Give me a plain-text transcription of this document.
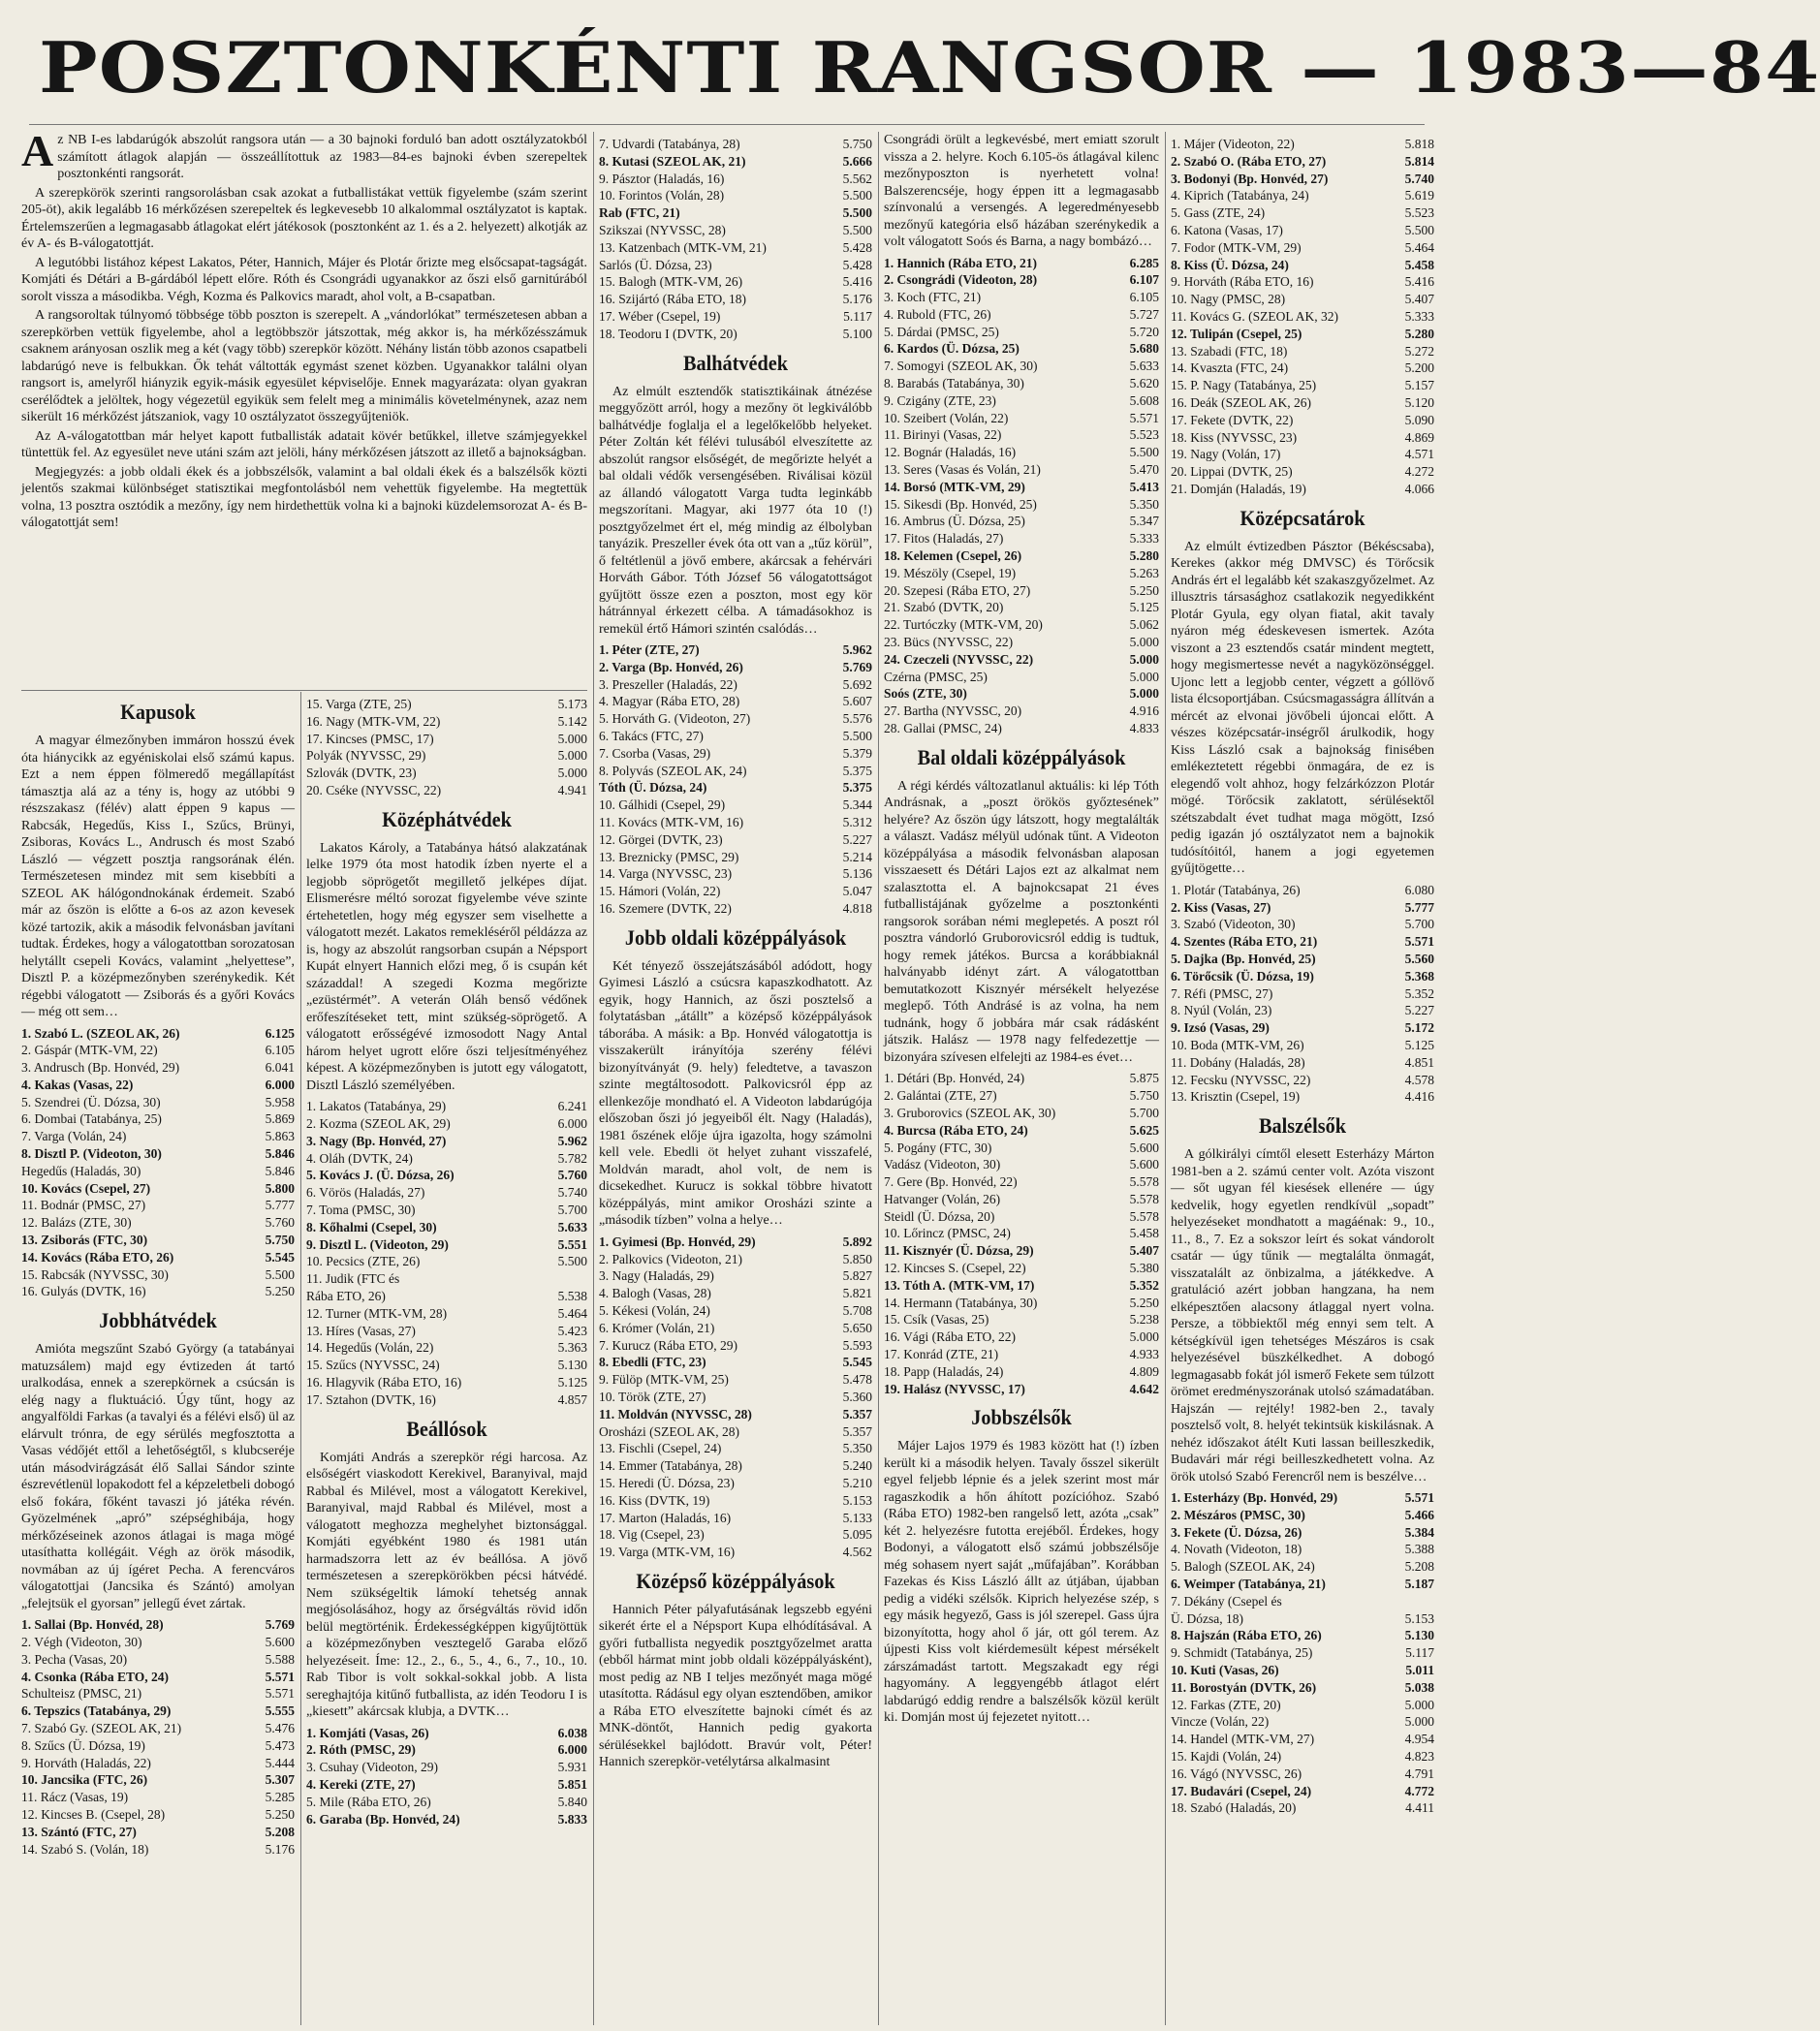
POSZTONKÉNTI RANGSOR — 1983—84

Az NB I-es labdarúgók abszolút rangsora után — a 30 bajnoki forduló ban adott osztályzatokból számított átlagok alapján — összeállítottuk az 1983—84-es bajnoki évben szerepeltek posztonkénti rangsorát.

A szerepkörök szerinti rangsorolásban csak azokat a futballistákat vettük figyelembe (szám szerint 205-öt), akik legalább 16 mérkőzésen szerepeltek és legkevesebb 10 alkalommal osztályzatot is kaptak. Értelemszerűen a legmagasabb átlagokat elért játékosok (posztonként az 1. és a 2. helyezett) alkotják az év A- és B-válogatottját.

A legutóbbi listához képest Lakatos, Péter, Hannich, Májer és Plotár őrizte meg elsőcsapat-tagságát. Komjáti és Détári a B-gárdából lépett előre. Róth és Csongrádi ugyanakkor az őszi első garnitúrából sorolt vissza a másodikba. Végh, Kozma és Palkovics maradt, ahol volt, a B-csapatban.

A rangsoroltak túlnyomó többsége több poszton is szerepelt. A „vándorlókat” természetesen abban a szerepkörben vettük figyelembe, ahol a legtöbbször játszottak, még akkor is, ha mérkőzésszámuk csaknem arányosan oszlik meg a két (vagy több) szerepkör között. Néhány listán több azonos csapatbeli labdarúgó neve is felbukkan. Ők tehát váltották egymást szenet közben. Ugyanakkor találni olyan rangsort is, amelyről hiányzik egyik-másik egyesület képviselője. Ennek magyarázata: olyan gyakran cserélődtek a jelöltek, hogy végezetül egyikük sem felelt meg a minimális követelménynek, azaz nem sikerült 16 mérkőzést játszaniok, vagy 10 osztályzatot összegyűjteniök.

Az A-válogatottban már helyet kapott futballisták adatait kövér betűkkel, illetve számjegyekkel tüntettük fel. Az egyesület neve utáni szám azt jelöli, hány mérkőzésen játszott az illető a bajnokságban.

Megjegyzés: a jobb oldali ékek és a jobbszélsők, valamint a bal oldali ékek és a balszélsők közti jelentős szakmai különbséget statisztikai megfontolásból nem vehettük figyelembe. Ha megtettük volna, 13 posztra osztódik a mezőny, így nem hirdethettük volna ki a bajnoki küzdelemsorozat A- és B-válogatottját sem!

Kapusok

A magyar élmezőnyben immáron hosszú évek óta hiánycikk az egyéniskolai első számú kapus. Ezt a nem éppen fölmeredő megállapítást támasztja alá az a tény is, hogy az utóbbi 9 részszakasz (félév) alatt éppen 9 kapus — Rabcsák, Hegedűs, Kiss I., Szűcs, Brünyi, Zsiboras, Kovács L., Andrusch és most Szabó László — végzett posztja rangsorának élén. Természetesen mindez mit sem kisebbíti a SZEOL AK hálógondnokának érdemeit. Szabó már az őszön is előtte a 6-os az azon kevesek közé tartozik, akik a második felvonásban javítani tudtak. Érdekes, hogy a válogatottban sorozatosan helytállt csepeli Kovács, valamint „helyettese”, Disztl P. a középmezőnyben szerénykedik. Két régebbi válogatott — Zsiborás és a győri Kovács — még ott sem…

1. Szabó L. (SZEOL AK, 26)	6.125
2. Gáspár (MTK-VM, 22)	6.105
3. Andrusch (Bp. Honvéd, 29)	6.041
4. Kakas (Vasas, 22)	6.000
5. Szendrei (Ü. Dózsa, 30)	5.958
6. Dombai (Tatabánya, 25)	5.869
7. Varga (Volán, 24)	5.863
8. Disztl P. (Videoton, 30)	5.846
Hegedűs (Haladás, 30)	5.846
10. Kovács (Csepel, 27)	5.800
11. Bodnár (PMSC, 27)	5.777
12. Balázs (ZTE, 30)	5.760
13. Zsiborás (FTC, 30)	5.750
14. Kovács (Rába ETO, 26)	5.545
15. Rabcsák (NYVSSC, 30)	5.500
16. Gulyás (DVTK, 16)	5.250
Jobbhátvédek

Amióta megszűnt Szabó György (a tatabányai matuzsálem) majd egy évtizeden át tartó uralkodása, ennek a szerepkörnek a csúcsán is elég nagy a fluktuáció. Úgy tűnt, hogy az angyalföldi Farkas (a tavalyi és a félévi első) ül az elárvult trónra, de egy sérülés megfosztotta a Vasas védőjét ettől a lehetőségtől, s klubcseréje után másodvirágzását élő Sallai Sándor szinte észrevétlenül lopakodott fel a képzeletbeli dobogó első fokára, főként tavaszi jó játéka révén. Gyözelmének „apró” szépséghibája, hogy mérkőzéseinek azonos átlagai is maga mögé utasíthatta kollégáit. Végh az örök második, novmában az új ígéret Pecha. A ferencváros válogatottjai (Jancsika és Szántó) amolyan „felejtsük el gyorsan” jellegű évet zártak.

1. Sallai (Bp. Honvéd, 28)	5.769
2. Végh (Videoton, 30)	5.600
3. Pecha (Vasas, 20)	5.588
4. Csonka (Rába ETO, 24)	5.571
Schulteisz (PMSC, 21)	5.571
6. Tepszics (Tatabánya, 29)	5.555
7. Szabó Gy. (SZEOL AK, 21)	5.476
8. Szűcs (Ü. Dózsa, 19)	5.473
9. Horváth (Haladás, 22)	5.444
10. Jancsika (FTC, 26)	5.307
11. Rácz (Vasas, 19)	5.285
12. Kincses B. (Csepel, 28)	5.250
13. Szántó (FTC, 27)	5.208
14. Szabó S. (Volán, 18)	5.176
15. Varga (ZTE, 25)	5.173
16. Nagy (MTK-VM, 22)	5.142
17. Kincses (PMSC, 17)	5.000
Polyák (NYVSSC, 29)	5.000
Szlovák (DVTK, 23)	5.000
20. Cséke (NYVSSC, 22)	4.941
Középhátvédek

Lakatos Károly, a Tatabánya hátsó alakzatának lelke 1979 óta most hatodik ízben nyerte el a legjobb söprögetőt megillető jelképes díjat. Elismerésre méltó sorozat figyelembe véve szinte értehetetlen, hogy még egyszer sem viselhette a válogatott mezét. Lakatos remekléséről példázza az is, hogy az abszolút rangsorban csupán a Népsport Kupát elnyert Hannich előzi meg, ő is csupán két századdal! A szegedi Kozma megőrizte „ezüstérmét”. A veterán Oláh benső védőnek erőfeszítéseket tett, mint szükség-söprögető. A válogatott erősségévé izmosodott Nagy Antal három helyet ugrott előre őszi teljesítményéhez képest. A középmezőnyben is jutott egy válogatott, Disztl László személyében.

1. Lakatos (Tatabánya, 29)	6.241
2. Kozma (SZEOL AK, 29)	6.000
3. Nagy (Bp. Honvéd, 27)	5.962
4. Oláh (DVTK, 24)	5.782
5. Kovács J. (Ü. Dózsa, 26)	5.760
6. Vörös (Haladás, 27)	5.740
7. Toma (PMSC, 30)	5.700
8. Kőhalmi (Csepel, 30)	5.633
9. Disztl L. (Videoton, 29)	5.551
10. Pecsics (ZTE, 26)	5.500
11. Judik (FTC és
Rába ETO, 26)	5.538
12. Turner (MTK-VM, 28)	5.464
13. Híres (Vasas, 27)	5.423
14. Hegedűs (Volán, 22)	5.363
15. Szűcs (NYVSSC, 24)	5.130
16. Hlagyvik (Rába ETO, 16)	5.125
17. Sztahon (DVTK, 16)	4.857
Beállósok

Komjáti András a szerepkör régi harcosa. Az elsőségért viaskodott Kerekivel, Baranyival, majd Rabbal és Milével, most a válogatott Kerekivel, Baranyival, majd Rabbal és Milével, most a válogatott meghozza meghelyhet biztonsággal. Komjáti egyébként 1980 és 1981 után harmadszorra lett az év beállósa. A jövő természetesen a szerepkörökben pécsi hátvédé. Nem szükségeltik lámokí tehetség annak megjósolásához, hogy az őrségváltás rövid időn belül megtörténik. Érdekességképpen kigyűjtöttük a középmezőnyben vesztegelő Garaba előző helyezéseit. Íme: 12., 2., 6., 5., 4., 6., 7., 10., 10. Rab Tibor is volt sokkal-sokkal jobb. A lista sereghajtója kitűnő futballista, az idén Teodoru I is „kiesett” akárcsak klubja, a DVTK…

1. Komjáti (Vasas, 26)	6.038
2. Róth (PMSC, 29)	6.000
3. Csuhay (Videoton, 29)	5.931
4. Kereki (ZTE, 27)	5.851
5. Mile (Rába ETO, 26)	5.840
6. Garaba (Bp. Honvéd, 24)	5.833
7. Udvardi (Tatabánya, 28)	5.750
8. Kutasi (SZEOL AK, 21)	5.666
9. Pásztor (Haladás, 16)	5.562
10. Forintos (Volán, 28)	5.500
Rab (FTC, 21)	5.500
Szikszai (NYVSSC, 28)	5.500
13. Katzenbach (MTK-VM, 21)	5.428
Sarlós (Ü. Dózsa, 23)	5.428
15. Balogh (MTK-VM, 26)	5.416
16. Szijártó (Rába ETO, 18)	5.176
17. Wéber (Csepel, 19)	5.117
18. Teodoru I (DVTK, 20)	5.100
Balhátvédek

Az elmúlt esztendők statisztikáinak átnézése meggyőzött arról, hogy a mezőny öt legkiválóbb balhátvédje foglalja el a legelőkelőbb helyeket. Péter Zoltán két félévi tulusából elveszítette az abszolút rangsor elsőségét, de megőrizte helyét a bal oldali védők versengésében. Riválisai közül az állandó válogatott Varga tudta leginkább megszorítani. Magyar, aki 1977 óta 10 (!) posztgyőzelmet ért el, még mindig az élbolyban tanyázik. Preszeller évek óta ott van a „tűz körül”, ő feltétlenül a jövő embere, akárcsak a fehérvári Horváth Gábor. Tóth József 56 válogatottságot gyűjtött össze ezen a poszton, most egy kör hátránnyal érkezett célba. A támadásokhoz is remekül értő Hámori szintén csalódás…

1. Péter (ZTE, 27)	5.962
2. Varga (Bp. Honvéd, 26)	5.769
3. Preszeller (Haladás, 22)	5.692
4. Magyar (Rába ETO, 28)	5.607
5. Horváth G. (Videoton, 27)	5.576
6. Takács (FTC, 27)	5.500
7. Csorba (Vasas, 29)	5.379
8. Polyvás (SZEOL AK, 24)	5.375
Tóth (Ü. Dózsa, 24)	5.375
10. Gálhidi (Csepel, 29)	5.344
11. Kovács (MTK-VM, 16)	5.312
12. Görgei (DVTK, 23)	5.227
13. Breznicky (PMSC, 29)	5.214
14. Varga (NYVSSC, 23)	5.136
15. Hámori (Volán, 22)	5.047
16. Szemere (DVTK, 22)	4.818
Jobb oldali középpályások

Két tényező összejátszásából adódott, hogy Gyimesi László a csúcsra kapaszkodhatott. Az egyik, hogy Hannich, az őszi posztelső a folytatásban „átállt” a középső középpályások táborába. A másik: a Bp. Honvéd válogatottja is visszakerült irányítója szerény félévi bizonyítványát (9. hely) feledtetve, a tavaszon szinte megtáltosodott. Palkovicsról épp az ellenkezője mondható el. A Videoton labdarúgója előszoban őszi jó jegyeiből élt. Nagy (Haladás), 1981 őszének elője újra igazolta, hogy számolni kell vele. Ebedli öt helyet zuhant visszafelé, Moldván maradt, ahol volt, de nem is dicsekedhet. Kurucz is sokkal többre hivatott középpályás, mint amikor Orosházi szinte a „második tízben” volna a helye…

1. Gyimesi (Bp. Honvéd, 29)	5.892
2. Palkovics (Videoton, 21)	5.850
3. Nagy (Haladás, 29)	5.827
4. Balogh (Vasas, 28)	5.821
5. Kékesi (Volán, 24)	5.708
6. Krómer (Volán, 21)	5.650
7. Kurucz (Rába ETO, 29)	5.593
8. Ebedli (FTC, 23)	5.545
9. Fülöp (MTK-VM, 25)	5.478
10. Török (ZTE, 27)	5.360
11. Moldván (NYVSSC, 28)	5.357
Orosházi (SZEOL AK, 28)	5.357
13. Fischli (Csepel, 24)	5.350
14. Emmer (Tatabánya, 28)	5.240
15. Heredi (Ü. Dózsa, 23)	5.210
16. Kiss (DVTK, 19)	5.153
17. Marton (Haladás, 16)	5.133
18. Vig (Csepel, 23)	5.095
19. Varga (MTK-VM, 16)	4.562
Középső középpályások

Hannich Péter pályafutásának legszebb egyéni sikerét érte el a Népsport Kupa elhódításával. A győri futballista negyedik posztgyőzelmet aratta (ebből hármat mint jobb oldali középpályásként), most pedig az NB I teljes mezőnyét maga mögé utasította. Rádásul egy olyan esztendőben, amikor a Rába ETO elveszítette bajnoki címét és az MNK-döntőt, Hannich pedig gyakorta sérülésekkel bajlódott. Bravúr volt, Péter! Hannich szerepkör-vetélytársa alkalmasint

Csongrádi örült a legkevésbé, mert emiatt szorult vissza a 2. helyre. Koch 6.105-ös átlagával kilenc mezőnyposzton is nyerhetett volna! Balszerencséje, hogy éppen itt a legmagasabb színvonalú a versengés. A legeredményesebb mezőnyű kategória első házában szerénykedik a volt válogatott Soós és Barna, a nagy bombázó…

1. Hannich (Rába ETO, 21)	6.285
2. Csongrádi (Videoton, 28)	6.107
3. Koch (FTC, 21)	6.105
4. Rubold (FTC, 26)	5.727
5. Dárdai (PMSC, 25)	5.720
6. Kardos (Ü. Dózsa, 25)	5.680
7. Somogyi (SZEOL AK, 30)	5.633
8. Barabás (Tatabánya, 30)	5.620
9. Czigány (ZTE, 23)	5.608
10. Szeibert (Volán, 22)	5.571
11. Birinyi (Vasas, 22)	5.523
12. Bognár (Haladás, 16)	5.500
13. Seres (Vasas és Volán, 21)	5.470
14. Borsó (MTK-VM, 29)	5.413
15. Sikesdi (Bp. Honvéd, 25)	5.350
16. Ambrus (Ü. Dózsa, 25)	5.347
17. Fitos (Haladás, 27)	5.333
18. Kelemen (Csepel, 26)	5.280
19. Mészöly (Csepel, 19)	5.263
20. Szepesi (Rába ETO, 27)	5.250
21. Szabó (DVTK, 20)	5.125
22. Turtóczky (MTK-VM, 20)	5.062
23. Bücs (NYVSSC, 22)	5.000
24. Czeczeli (NYVSSC, 22)	5.000
Czérna (PMSC, 25)	5.000
Soós (ZTE, 30)	5.000
27. Bartha (NYVSSC, 20)	4.916
28. Gallai (PMSC, 24)	4.833
Bal oldali középpályások

A régi kérdés változatlanul aktuális: ki lép Tóth Andrásnak, a „poszt örökös győztesének” helyére? Az őszön úgy látszott, hogy megtalálták a választ. Vadász mélyül udónak tűnt. A Videoton középpályása a második felvonásban alaposan visszaesett és Détári Lajos ezt az alkalmat nem szalasztotta el. A bajnokcsapat 21 éves futballistájának győzelme a posztonkénti rangsorok sorában némi meglepetés. A poszt ról posztra vándorló Gruborovicsról eddig is tudtuk, hogy remek játékos. Burcsa a korábbiaknál halványabb idényt zárt. A válogatottban bemutatkozott Kisznyér mérsékelt helyezése meglepő. Tóth Andrásé is az volna, ha nem tudnánk, hogy ő jobbára már csak rádásként játszik. Halász — 1978 nagy felfedezettje — bizonyára szívesen elfelejti az 1984-es évet…

1. Détári (Bp. Honvéd, 24)	5.875
2. Galántai (ZTE, 27)	5.750
3. Gruborovics (SZEOL AK, 30)	5.700
4. Burcsa (Rába ETO, 24)	5.625
5. Pogány (FTC, 30)	5.600
Vadász (Videoton, 30)	5.600
7. Gere (Bp. Honvéd, 22)	5.578
Hatvanger (Volán, 26)	5.578
Steidl (Ü. Dózsa, 20)	5.578
10. Lőrincz (PMSC, 24)	5.458
11. Kisznyér (Ü. Dózsa, 29)	5.407
12. Kincses S. (Csepel, 22)	5.380
13. Tóth A. (MTK-VM, 17)	5.352
14. Hermann (Tatabánya, 30)	5.250
15. Csík (Vasas, 25)	5.238
16. Vági (Rába ETO, 22)	5.000
17. Konrád (ZTE, 21)	4.933
18. Papp (Haladás, 24)	4.809
19. Halász (NYVSSC, 17)	4.642
Jobbszélsők

Májer Lajos 1979 és 1983 között hat (!) ízben került ki a második helyen. Tavaly ősszel sikerült egyel feljebb lépnie és a jelek szerint most már ragaszkodik a hőn áhított pozícióhoz. Szabó (Rába ETO) 1982-ben rangelső lett, azóta „csak” két 2. helyezésre futotta erejéből. Érdekes, hogy Bodonyi, a válogatott első számú jobbszélsője még sohasem nyert saját „műfajában”. Korábban Fazekas és Kiss László állt az útjában, újabban pedig a vidéki szélsők. Kiprich helyezése szép, s egy másik hegyező, Gass is jól szerepel. Gass újra bizonyította, hogy ahol ő jár, ott gól terem. Az újpesti Kiss volt kiérdemesült képest mérsékelt zárszámadást tartott. Megszakadt egy régi hagyomány. A leggyengébb átlagot elért labdarúgó eddig rendre a balszélsők közül került ki. Domján most új fejezetet nyitott…

1. Májer (Videoton, 22)	5.818
2. Szabó O. (Rába ETO, 27)	5.814
3. Bodonyi (Bp. Honvéd, 27)	5.740
4. Kiprich (Tatabánya, 24)	5.619
5. Gass (ZTE, 24)	5.523
6. Katona (Vasas, 17)	5.500
7. Fodor (MTK-VM, 29)	5.464
8. Kiss (Ü. Dózsa, 24)	5.458
9. Horváth (Rába ETO, 16)	5.416
10. Nagy (PMSC, 28)	5.407
11. Kovács G. (SZEOL AK, 32)	5.333
12. Tulipán (Csepel, 25)	5.280
13. Szabadi (FTC, 18)	5.272
14. Kvaszta (FTC, 24)	5.200
15. P. Nagy (Tatabánya, 25)	5.157
16. Deák (SZEOL AK, 26)	5.120
17. Fekete (DVTK, 22)	5.090
18. Kiss (NYVSSC, 23)	4.869
19. Nagy (Volán, 17)	4.571
20. Lippai (DVTK, 25)	4.272
21. Domján (Haladás, 19)	4.066
Középcsatárok

Az elmúlt évtizedben Pásztor (Békéscsaba), Kerekes (akkor még DMVSC) és Törőcsik András ért el legalább két szakaszgyőzelmet. Az illusztris társasághoz csatlakozik negyedikként Plotár Gyula, egy olyan fiatal, akit tavaly nyáron még édeskevesen ismertek. Azóta viszont a 23 esztendős csatár mindent megtett, hogy megismertesse nevét a nagyközönséggel. Ujonc lett a legjobb center, végzett a góllövő lista élcsoportjában. Csúcsmagasságra állítván a mércét az elvonai jövőbeli újoncai előtt. A vészes középcsatár-inségről árulkodik, hogy Kiss László csak a bajnokság finisében emlékeztetett régebbi önmagára, de ez is elegendő volt ahhoz, hogy felzárkózzon Plotár mögé. Törőcsik zaklatott, sérülésektől szétszabdalt évet tudhat maga mögött, Izsó pedig igazán jó osztályzatot nem a bajnokik tudósítóitól, hanem a jogi egyetemen gyűjtögette…

1. Plotár (Tatabánya, 26)	6.080
2. Kiss (Vasas, 27)	5.777
3. Szabó (Videoton, 30)	5.700
4. Szentes (Rába ETO, 21)	5.571
5. Dajka (Bp. Honvéd, 25)	5.560
6. Törőcsik (Ü. Dózsa, 19)	5.368
7. Réfi (PMSC, 27)	5.352
8. Nyúl (Volán, 23)	5.227
9. Izsó (Vasas, 29)	5.172
10. Boda (MTK-VM, 26)	5.125
11. Dobány (Haladás, 28)	4.851
12. Fecsku (NYVSSC, 22)	4.578
13. Krisztin (Csepel, 19)	4.416
Balszélsők

A gólkirályi címtől elesett Esterházy Márton 1981-ben a 2. számú center volt. Azóta viszont — sőt ugyan fél kiesések ellenére — úgy kedvelik, hogy egyetlen rendkívül „sopadt” helyezéseket mondhatott a magáénak: 9., 10., 11., 8., 7. Ez a sokszor leírt és sokat vándorolt csatár — úgy tűnik — megtalálta önmagát, visszatalált az önbizalma, a játékkedve. A gratuláció azért jobban hangzana, ha nem elképesztően alacsony átlaggal nyert volna. Persze, a többiektől még ennyi sem telt. A kétségkívül igen tehetséges Mészáros is csak helyezésével büszkélkedhet. A dobogó legmagasabb fokát jól ismerő Fekete sem túlzott örömet eredményszorának utolsó számadatában. Hajszán — rejtély! 1982-ben 2., tavaly posztelső volt, 8. helyét tekintsük kiskilásnak. A nehéz időszakot átélt Kuti lassan beilleszkedik, Budavári már régi beilleszkedhetett volna. Az örök utolsó Szabó Ferencről nem is beszélve…

1. Esterházy (Bp. Honvéd, 29)	5.571
2. Mészáros (PMSC, 30)	5.466
3. Fekete (Ü. Dózsa, 26)	5.384
4. Novath (Videoton, 18)	5.388
5. Balogh (SZEOL AK, 24)	5.208
6. Weimper (Tatabánya, 21)	5.187
7. Dékány (Csepel és
Ü. Dózsa, 18)	5.153
8. Hajszán (Rába ETO, 26)	5.130
9. Schmidt (Tatabánya, 25)	5.117
10. Kuti (Vasas, 26)	5.011
11. Borostyán (DVTK, 26)	5.038
12. Farkas (ZTE, 20)	5.000
Vincze (Volán, 22)	5.000
14. Handel (MTK-VM, 27)	4.954
15. Kajdi (Volán, 24)	4.823
16. Vágó (NYVSSC, 26)	4.791
17. Budavári (Csepel, 24)	4.772
18. Szabó (Haladás, 20)	4.411
